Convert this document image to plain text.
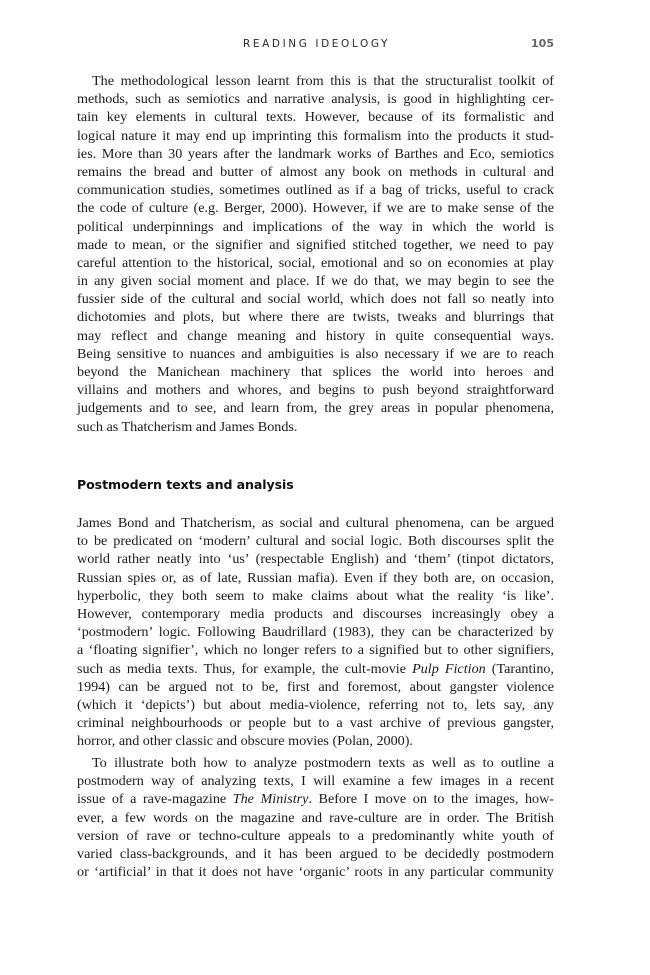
READING IDEOLOGY	105

The methodological lesson learnt from this is that the structuralist toolkit of
methods, such as semiotics and narrative analysis, is good in highlighting cer-
tain key elements in cultural texts. However, because of its formalistic and
logical nature it may end up imprinting this formalism into the products it stud-
ies. More than 30 years after the landmark works of Barthes and Eco, semiotics
remains the bread and butter of almost any book on methods in cultural and
communication studies, sometimes outlined as if a bag of tricks, useful to crack
the code of culture (e.g. Berger, 2000). However, if we are to make sense of the
political underpinnings and implications of the way in which the world is
made to mean, or the signifier and signified stitched together, we need to pay
careful attention to the historical, social, emotional and so on economies at play
in any given social moment and place. If we do that, we may begin to see the
fussier side of the cultural and social world, which does not fall so neatly into
dichotomies and plots, but where there are twists, tweaks and blurrings that
may reflect and change meaning and history in quite consequential ways.
Being sensitive to nuances and ambiguities is also necessary if we are to reach
beyond the Manichean machinery that splices the world into heroes and
villains and mothers and whores, and begins to push beyond straightforward
judgements and to see, and learn from, the grey areas in popular phenomena,
such as Thatcherism and James Bonds.

Postmodern texts and analysis

James Bond and Thatcherism, as social and cultural phenomena, can be argued
to be predicated on ‘modern’ cultural and social logic. Both discourses split the
world rather neatly into ‘us’ (respectable English) and ‘them’ (tinpot dictators,
Russian spies or, as of late, Russian mafia). Even if they both are, on occasion,
hyperbolic, they both seem to make claims about what the reality ‘is like’.
However, contemporary media products and discourses increasingly obey a
‘postmodern’ logic. Following Baudrillard (1983), they can be characterized by
a ‘floating signifier’, which no longer refers to a signified but to other signifiers,
such as media texts. Thus, for example, the cult-movie Pulp Fiction (Tarantino,
1994) can be argued not to be, first and foremost, about gangster violence
(which it ‘depicts’) but about media-violence, referring not to, lets say, any
criminal neighbourhoods or people but to a vast archive of previous gangster,
horror, and other classic and obscure movies (Polan, 2000).

To illustrate both how to analyze postmodern texts as well as to outline a
postmodern way of analyzing texts, I will examine a few images in a recent
issue of a rave-magazine The Ministry. Before I move on to the images, how-
ever, a few words on the magazine and rave-culture are in order. The British
version of rave or techno-culture appeals to a predominantly white youth of
varied class-backgrounds, and it has been argued to be decidedly postmodern
or ‘artificial’ in that it does not have ‘organic’ roots in any particular community
